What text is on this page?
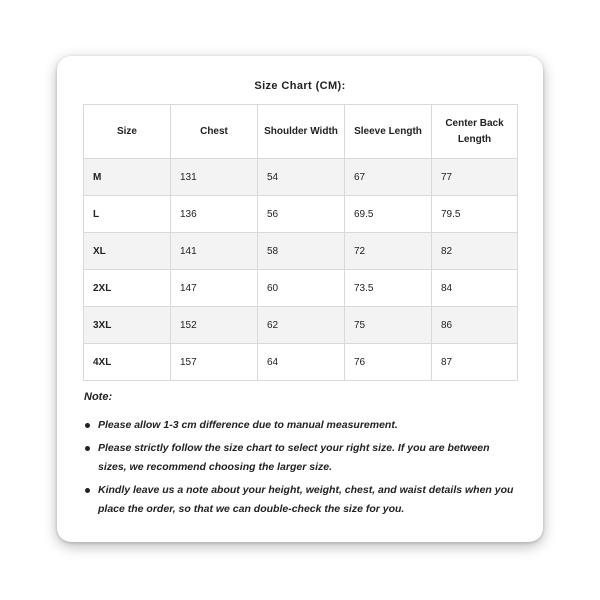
Size Chart (CM):
Size	Chest	Shoulder Width	Sleeve Length	Center Back Length
M	131	54	67	77
L	136	56	69.5	79.5
XL	141	58	72	82
2XL	147	60	73.5	84
3XL	152	62	75	86
4XL	157	64	76	87
Note:
Please allow 1-3 cm difference due to manual measurement.
Please strictly follow the size chart to select your right size. If you are between sizes, we recommend choosing the larger size.
Kindly leave us a note about your height, weight, chest, and waist details when you place the order, so that we can double-check the size for you.
